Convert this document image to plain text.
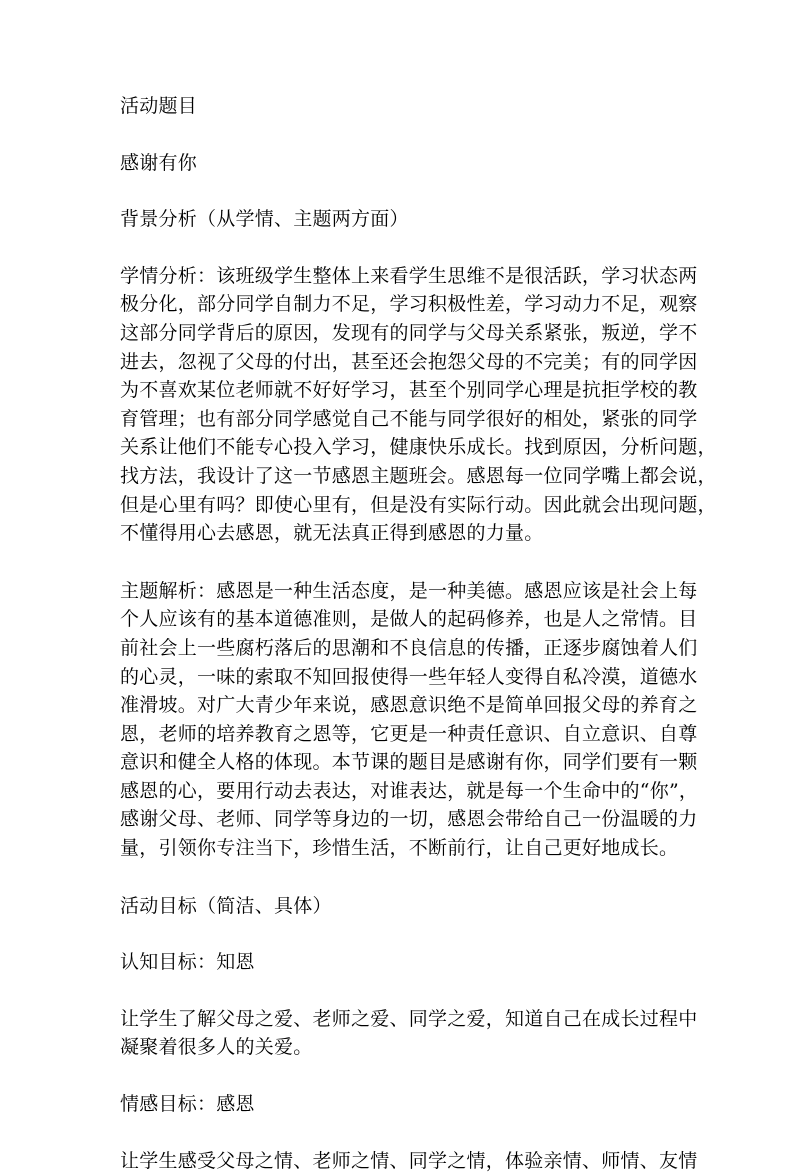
活动题目

感谢有你

背景分析（从学情、主题两方面）

学情分析：该班级学生整体上来看学生思维不是很活跃，学习状态两
极分化，部分同学自制力不足，学习积极性差，学习动力不足，观察
这部分同学背后的原因，发现有的同学与父母关系紧张，叛逆，学不
进去，忽视了父母的付出，甚至还会抱怨父母的不完美；有的同学因
为不喜欢某位老师就不好好学习，甚至个别同学心理是抗拒学校的教
育管理；也有部分同学感觉自己不能与同学很好的相处，紧张的同学
关系让他们不能专心投入学习，健康快乐成长。找到原因，分析问题，
找方法，我设计了这一节感恩主题班会。感恩每一位同学嘴上都会说，
但是心里有吗？即使心里有，但是没有实际行动。因此就会出现问题，
不懂得用心去感恩，就无法真正得到感恩的力量。

主题解析：感恩是一种生活态度，是一种美德。感恩应该是社会上每
个人应该有的基本道德准则，是做人的起码修养，也是人之常情。目
前社会上一些腐朽落后的思潮和不良信息的传播，正逐步腐蚀着人们
的心灵，一味的索取不知回报使得一些年轻人变得自私冷漠，道德水
准滑坡。对广大青少年来说，感恩意识绝不是简单回报父母的养育之
恩，老师的培养教育之恩等，它更是一种责任意识、自立意识、自尊
意识和健全人格的体现。本节课的题目是感谢有你，同学们要有一颗
感恩的心，要用行动去表达，对谁表达，就是每一个生命中的“你”，
感谢父母、老师、同学等身边的一切，感恩会带给自己一份温暖的力
量，引领你专注当下，珍惜生活，不断前行，让自己更好地成长。

活动目标（简洁、具体）

认知目标：知恩

让学生了解父母之爱、老师之爱、同学之爱，知道自己在成长过程中
凝聚着很多人的关爱。

情感目标：感恩

让学生感受父母之情、老师之情、同学之情，体验亲情、师情、友情
